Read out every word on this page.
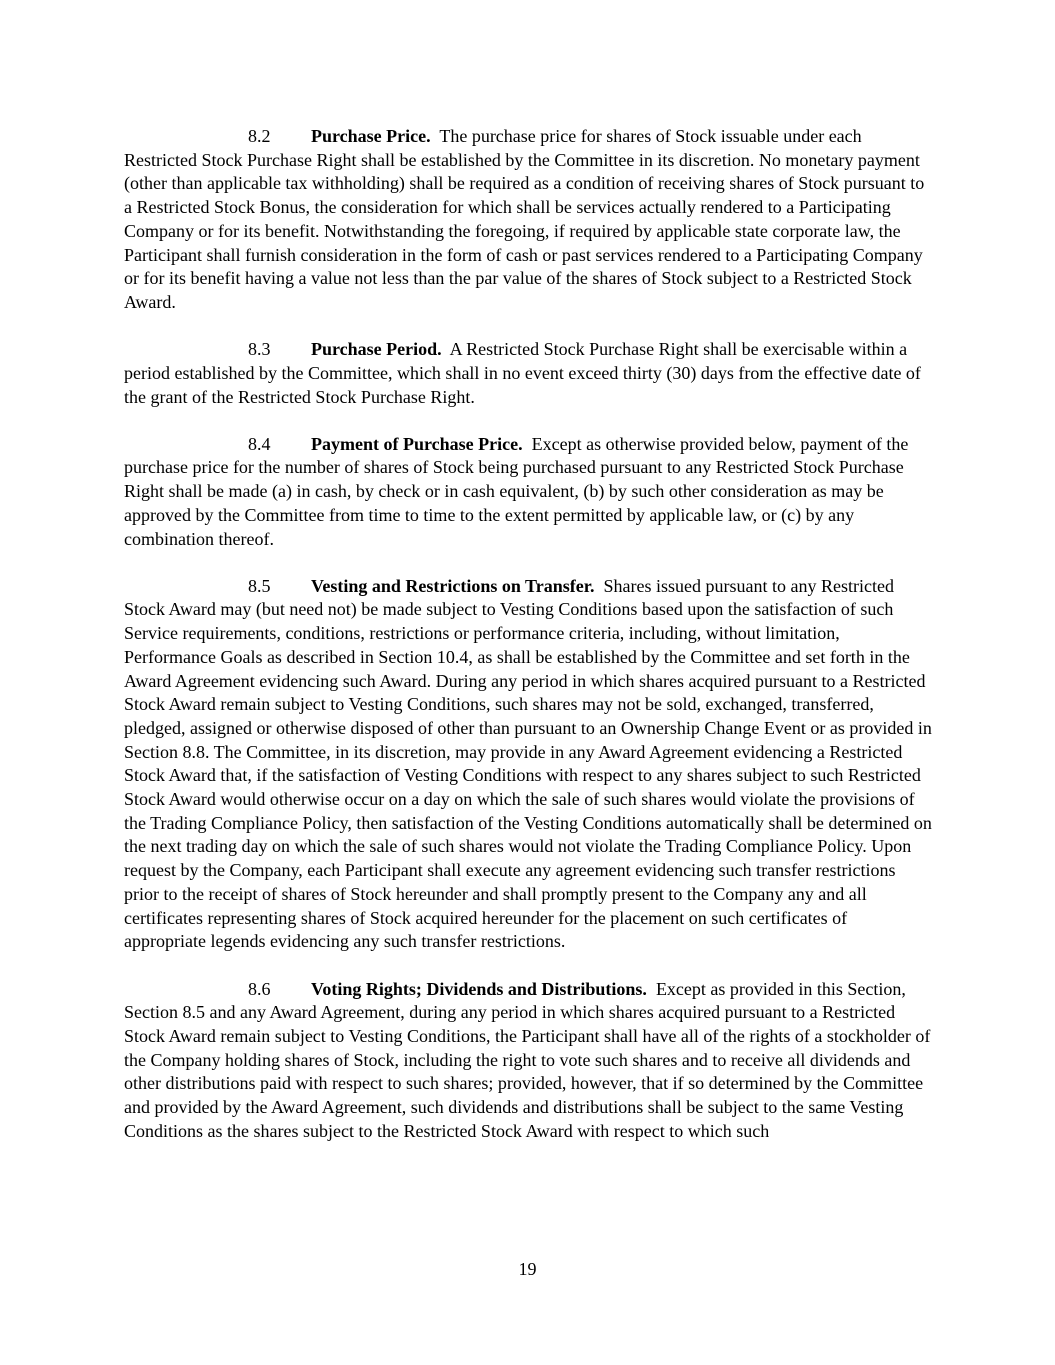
8.2 Purchase Price. The purchase price for shares of Stock issuable under each Restricted Stock Purchase Right shall be established by the Committee in its discretion. No monetary payment (other than applicable tax withholding) shall be required as a condition of receiving shares of Stock pursuant to a Restricted Stock Bonus, the consideration for which shall be services actually rendered to a Participating Company or for its benefit. Notwithstanding the foregoing, if required by applicable state corporate law, the Participant shall furnish consideration in the form of cash or past services rendered to a Participating Company or for its benefit having a value not less than the par value of the shares of Stock subject to a Restricted Stock Award.

8.3 Purchase Period. A Restricted Stock Purchase Right shall be exercisable within a period established by the Committee, which shall in no event exceed thirty (30) days from the effective date of the grant of the Restricted Stock Purchase Right.

8.4 Payment of Purchase Price. Except as otherwise provided below, payment of the purchase price for the number of shares of Stock being purchased pursuant to any Restricted Stock Purchase Right shall be made (a) in cash, by check or in cash equivalent, (b) by such other consideration as may be approved by the Committee from time to time to the extent permitted by applicable law, or (c) by any combination thereof.

8.5 Vesting and Restrictions on Transfer. Shares issued pursuant to any Restricted Stock Award may (but need not) be made subject to Vesting Conditions based upon the satisfaction of such Service requirements, conditions, restrictions or performance criteria, including, without limitation, Performance Goals as described in Section 10.4, as shall be established by the Committee and set forth in the Award Agreement evidencing such Award. During any period in which shares acquired pursuant to a Restricted Stock Award remain subject to Vesting Conditions, such shares may not be sold, exchanged, transferred, pledged, assigned or otherwise disposed of other than pursuant to an Ownership Change Event or as provided in Section 8.8. The Committee, in its discretion, may provide in any Award Agreement evidencing a Restricted Stock Award that, if the satisfaction of Vesting Conditions with respect to any shares subject to such Restricted Stock Award would otherwise occur on a day on which the sale of such shares would violate the provisions of the Trading Compliance Policy, then satisfaction of the Vesting Conditions automatically shall be determined on the next trading day on which the sale of such shares would not violate the Trading Compliance Policy. Upon request by the Company, each Participant shall execute any agreement evidencing such transfer restrictions prior to the receipt of shares of Stock hereunder and shall promptly present to the Company any and all certificates representing shares of Stock acquired hereunder for the placement on such certificates of appropriate legends evidencing any such transfer restrictions.

8.6 Voting Rights; Dividends and Distributions. Except as provided in this Section, Section 8.5 and any Award Agreement, during any period in which shares acquired pursuant to a Restricted Stock Award remain subject to Vesting Conditions, the Participant shall have all of the rights of a stockholder of the Company holding shares of Stock, including the right to vote such shares and to receive all dividends and other distributions paid with respect to such shares; provided, however, that if so determined by the Committee and provided by the Award Agreement, such dividends and distributions shall be subject to the same Vesting Conditions as the shares subject to the Restricted Stock Award with respect to which such

19
